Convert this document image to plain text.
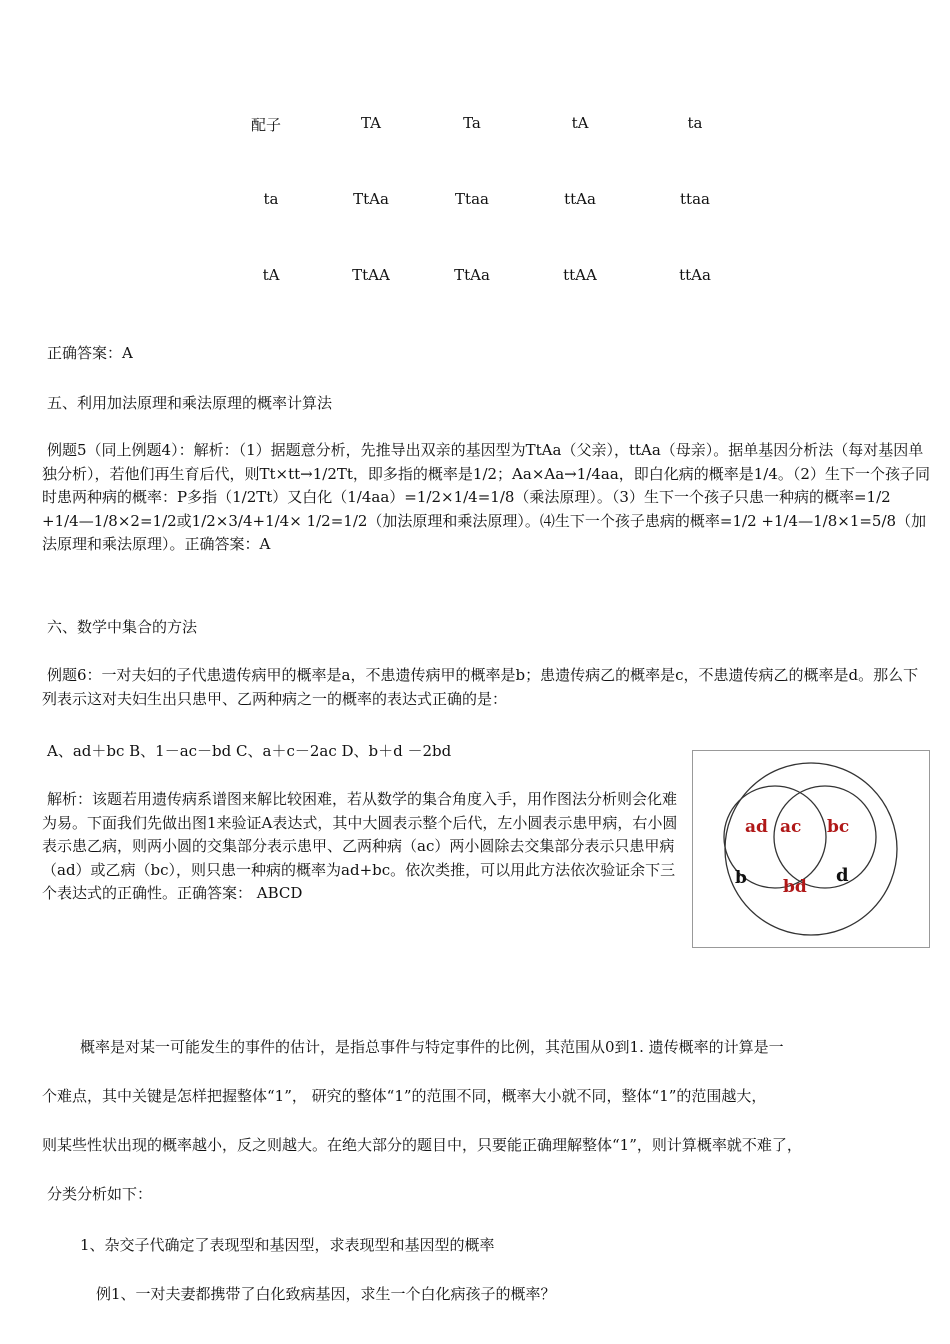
配子	TA	Ta	tA	ta
ta	TtAa	Ttaa	ttAa	ttaa
tA	TtAA	TtAa	ttAA	ttAa
正确答案：A
五、利用加法原理和乘法原理的概率计算法
例题5（同上例题4）：解析：（1）据题意分析，先推导出双亲的基因型为TtAa（父亲），ttAa（母亲）。据单基因分析法（每对基因单独分析），若他们再生育后代，则Tt×tt→1/2Tt，即多指的概率是1/2；Aa×Aa→1/4aa，即白化病的概率是1/4。（2）生下一个孩子同时患两种病的概率：P多指（1/2Tt）又白化（1/4aa）=1/2×1/4=1/8（乘法原理）。（3）生下一个孩子只患一种病的概率=1/2 +1/4—1/8×2=1/2或1/2×3/4+1/4× 1/2=1/2（加法原理和乘法原理）。⑷生下一个孩子患病的概率=1/2 +1/4—1/8×1=5/8（加法原理和乘法原理）。正确答案：A
六、数学中集合的方法
例题6：一对夫妇的子代患遗传病甲的概率是a，不患遗传病甲的概率是b；患遗传病乙的概率是c，不患遗传病乙的概率是d。那么下列表示这对夫妇生出只患甲、乙两种病之一的概率的表达式正确的是：
A、ad＋bc B、1－ac－bd C、a＋c－2ac D、b＋d －2bd
解析：该题若用遗传病系谱图来解比较困难，若从数学的集合角度入手，用作图法分析则会化难为易。下面我们先做出图1来验证A表达式，其中大圆表示整个后代，左小圆表示患甲病，右小圆表示患乙病，则两小圆的交集部分表示患甲、乙两种病（ac）两小圆除去交集部分表示只患甲病（ad）或乙病（bc），则只患一种病的概率为ad+bc。依次类推，可以用此方法依次验证余下三个表达式的正确性。正确答案： ABCD
ad ac bc
b bd
d
概率是对某一可能发生的事件的估计，是指总事件与特定事件的比例，其范围从0到1. 遗传概率的计算是一
个难点，其中关键是怎样把握整体“1”， 研究的整体“1”的范围不同，概率大小就不同，整体“1”的范围越大，
则某些性状出现的概率越小，反之则越大。在绝大部分的题目中，只要能正确理解整体“1”，则计算概率就不难了，
分类分析如下：
1、杂交子代确定了表现型和基因型，求表现型和基因型的概率
例1、一对夫妻都携带了白化致病基因，求生一个白化病孩子的概率？
